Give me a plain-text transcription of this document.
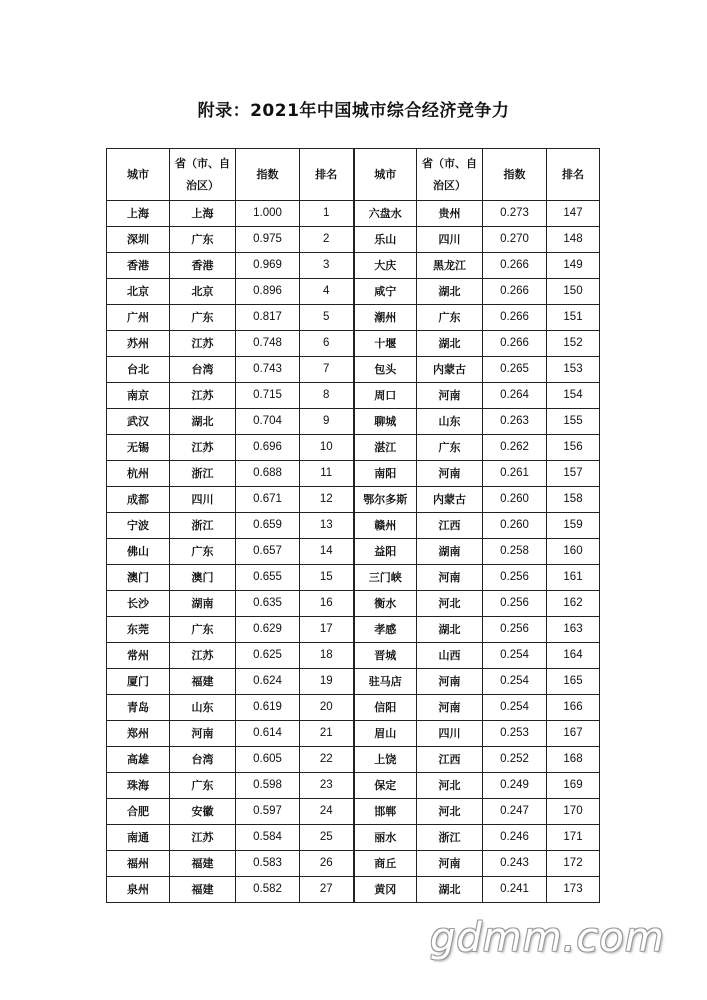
附录：2021年中国城市综合经济竞争力
城市	省（市、自治区）	指数	排名	城市	省（市、自治区）	指数	排名
上海	上海	1.000	1	六盘水	贵州	0.273	147
深圳	广东	0.975	2	乐山	四川	0.270	148
香港	香港	0.969	3	大庆	黑龙江	0.266	149
北京	北京	0.896	4	咸宁	湖北	0.266	150
广州	广东	0.817	5	潮州	广东	0.266	151
苏州	江苏	0.748	6	十堰	湖北	0.266	152
台北	台湾	0.743	7	包头	内蒙古	0.265	153
南京	江苏	0.715	8	周口	河南	0.264	154
武汉	湖北	0.704	9	聊城	山东	0.263	155
无锡	江苏	0.696	10	湛江	广东	0.262	156
杭州	浙江	0.688	11	南阳	河南	0.261	157
成都	四川	0.671	12	鄂尔多斯	内蒙古	0.260	158
宁波	浙江	0.659	13	赣州	江西	0.260	159
佛山	广东	0.657	14	益阳	湖南	0.258	160
澳门	澳门	0.655	15	三门峡	河南	0.256	161
长沙	湖南	0.635	16	衡水	河北	0.256	162
东莞	广东	0.629	17	孝感	湖北	0.256	163
常州	江苏	0.625	18	晋城	山西	0.254	164
厦门	福建	0.624	19	驻马店	河南	0.254	165
青岛	山东	0.619	20	信阳	河南	0.254	166
郑州	河南	0.614	21	眉山	四川	0.253	167
高雄	台湾	0.605	22	上饶	江西	0.252	168
珠海	广东	0.598	23	保定	河北	0.249	169
合肥	安徽	0.597	24	邯郸	河北	0.247	170
南通	江苏	0.584	25	丽水	浙江	0.246	171
福州	福建	0.583	26	商丘	河南	0.243	172
泉州	福建	0.582	27	黄冈	湖北	0.241	173
gdmm.com
